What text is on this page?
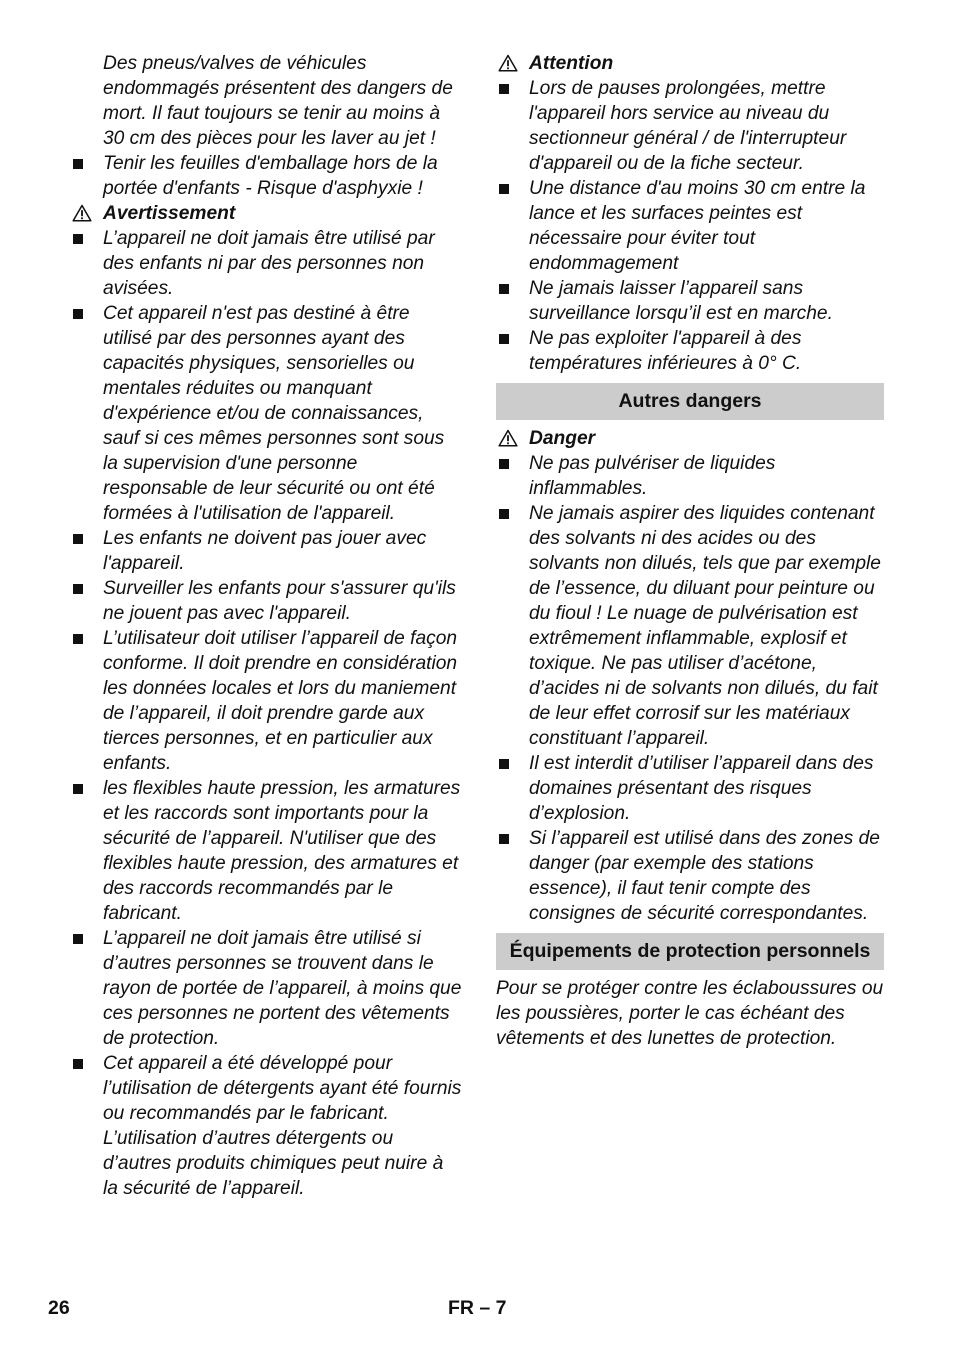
Des pneus/valves de véhicules endommagés présentent des dangers de mort. Il faut toujours se tenir au moins à 30 cm des pièces pour les laver au jet !

Tenir les feuilles d'emballage hors de la portée d'enfants - Risque d'asphyxie !

Avertissement

L’appareil ne doit jamais être utilisé par des enfants ni par des personnes non avisées.

Cet appareil n'est pas destiné à être utilisé par des personnes ayant des capacités physiques, sensorielles ou mentales réduites ou manquant d'expérience et/ou de connaissances, sauf si ces mêmes personnes sont sous la supervision d'une personne responsable de leur sécurité ou ont été formées à l'utilisation de l'appareil.

Les enfants ne doivent pas jouer avec l'appareil.

Surveiller les enfants pour s'assurer qu'ils ne jouent pas avec l'appareil.

L’utilisateur doit utiliser l’appareil de façon conforme. Il doit prendre en considération les données locales et lors du maniement de l’appareil, il doit prendre garde aux tierces personnes, et en particulier aux enfants.

les flexibles haute pression, les armatures et les raccords sont importants pour la sécurité de l’appareil. N'utiliser que des flexibles haute pression, des armatures et des raccords recommandés par le fabricant.

L’appareil ne doit jamais être utilisé si d’autres personnes se trouvent dans le rayon de portée de l’appareil, à moins que ces personnes ne portent des vêtements de protection.

Cet appareil a été développé pour l’utilisation de détergents ayant été fournis ou recommandés par le fabricant. L’utilisation d’autres détergents ou d’autres produits chimiques peut nuire à la sécurité de l’appareil.

Attention

Lors de pauses prolongées, mettre l'appareil hors service au niveau du sectionneur général / de l'interrupteur d'appareil ou de la fiche secteur.

Une distance d'au moins 30 cm entre la lance et les surfaces peintes est nécessaire pour éviter tout endommagement

Ne jamais laisser l’appareil sans surveillance lorsqu’il est en marche.

Ne pas exploiter l'appareil à des températures inférieures à 0° C.

Autres dangers

Danger

Ne pas pulvériser de liquides inflammables.

Ne jamais aspirer des liquides contenant des solvants ni des acides ou des solvants non dilués, tels que par exemple de l’essence, du diluant pour peinture ou du fioul ! Le nuage de pulvérisation est extrêmement inflammable, explosif et toxique. Ne pas utiliser d’acétone, d’acides ni de solvants non dilués, du fait de leur effet corrosif sur les matériaux constituant l’appareil.

Il est interdit d’utiliser l’appareil dans des domaines présentant des risques d’explosion.

Si l’appareil est utilisé dans des zones de danger (par exemple des stations essence), il faut tenir compte des consignes de sécurité correspondantes.

Équipements de protection personnels

Pour se protéger contre les éclaboussures ou les poussières, porter le cas échéant des vêtements et des lunettes de protection.

26	FR – 7
